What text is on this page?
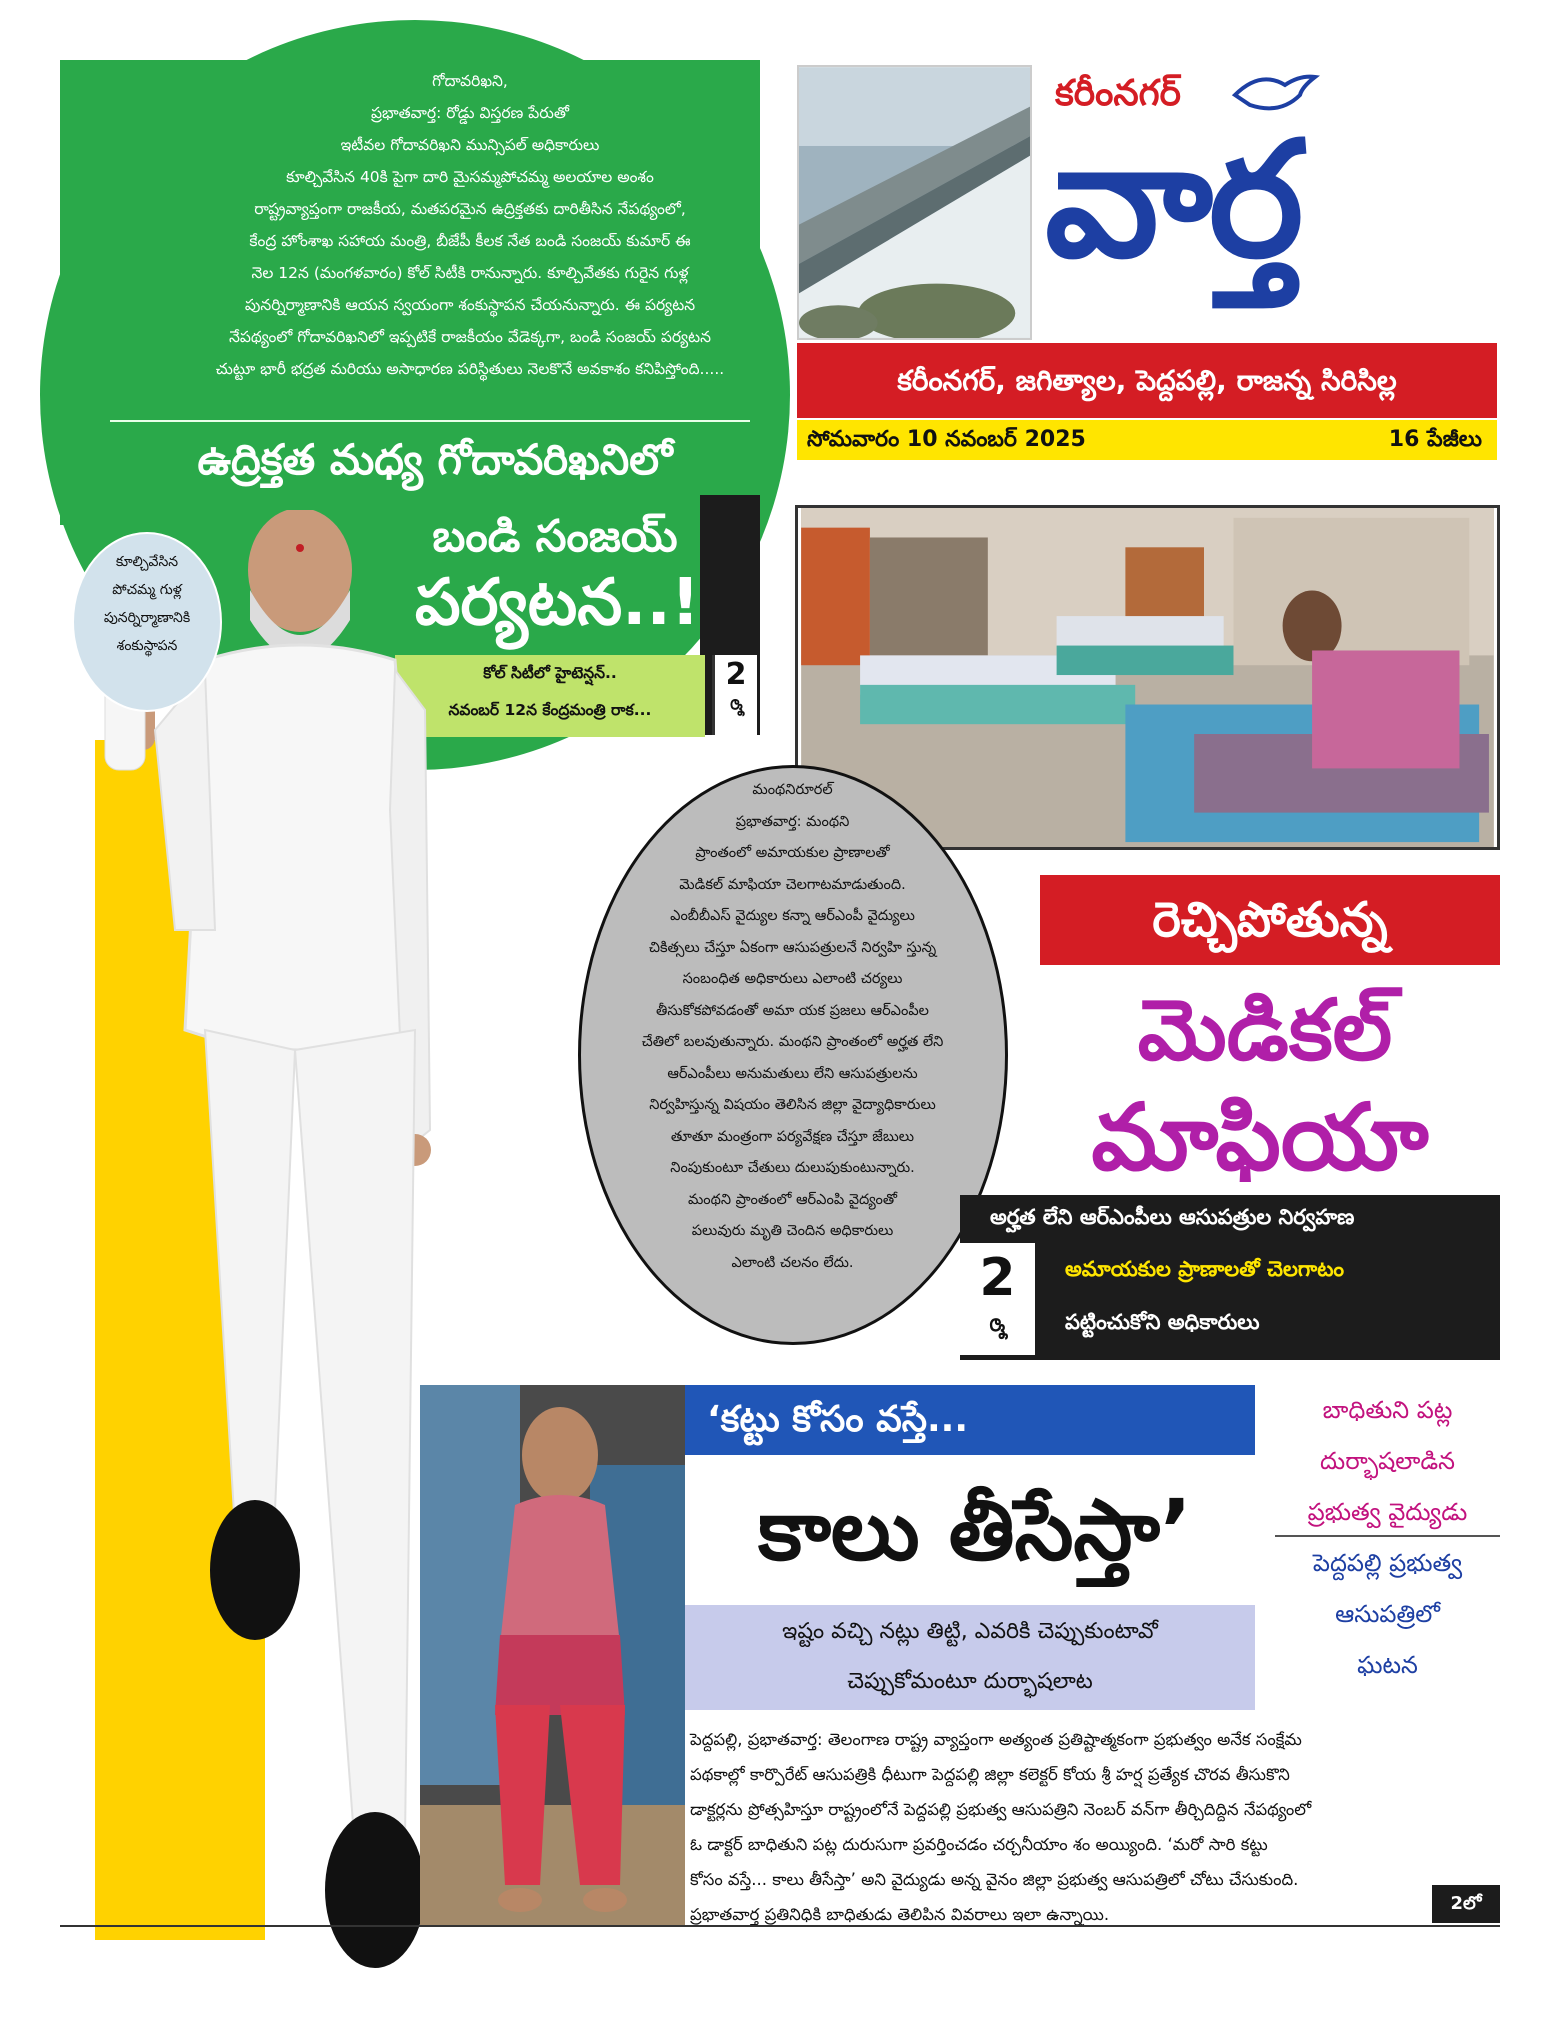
గోదావరిఖని,
ప్రభాతవార్త: రోడ్డు విస్తరణ పేరుతో
ఇటీవల గోదావరిఖని మున్సిపల్ అధికారులు
కూల్చివేసిన 40కి పైగా దారి మైసమ్మపోచమ్మ అలయాల అంశం
రాష్ట్రవ్యాప్తంగా రాజకీయ, మతపరమైన ఉద్రిక్తతకు దారితీసిన నేపథ్యంలో,
కేంద్ర హోంశాఖ సహాయ మంత్రి, బీజేపీ కీలక నేత బండి సంజయ్ కుమార్ ఈ
నెల 12న (మంగళవారం) కోల్ సిటీకి రానున్నారు. కూల్చివేతకు గురైన గుళ్ల
పునర్నిర్మాణానికి ఆయన స్వయంగా శంకుస్థాపన చేయనున్నారు. ఈ పర్యటన
నేపథ్యంలో గోదావరిఖనిలో ఇప్పటికే రాజకీయం వేడెక్కగా, బండి సంజయ్ పర్యటన
చుట్టూ భారీ భద్రత మరియు అసాధారణ పరిస్థితులు నెలకొనే అవకాశం కనిపిస్తోంది.....
ఉద్రిక్తత మధ్య గోదావరిఖనిలో
బండి సంజయ్
పర్యటన..!
కోల్ సిటీలో హైటెన్షన్..
నవంబర్ 12న కేంద్రమంత్రి రాక...
2
లో
కూల్చివేసిన
పోచమ్మ గుళ్ల
పునర్నిర్మాణానికి
శంకుస్థాపన
కరీంనగర్
వార్త
కరీంనగర్, జగిత్యాల, పెద్దపల్లి, రాజన్న సిరిసిల్ల
సోమవారం 10 నవంబర్ 2025	16 పేజీలు
మంథనిరూరల్
ప్రభాతవార్త: మంథని
ప్రాంతంలో అమాయకుల ప్రాణాలతో
మెడికల్ మాఫియా చెలగాటమాడుతుంది.
ఎంబీబీఎస్ వైద్యుల కన్నా ఆర్ఎంపీ వైద్యులు
చికిత్సలు చేస్తూ ఏకంగా ఆసుపత్రులనే నిర్వహి స్తున్న
సంబంధిత అధికారులు ఎలాంటి చర్యలు
తీసుకోకపోవడంతో అమా యక ప్రజలు ఆర్ఎంపీల
చేతిలో బలవుతున్నారు. మంథని ప్రాంతంలో అర్హత లేని
ఆర్ఎంపీలు అనుమతులు లేని ఆసుపత్రులను
నిర్వహిస్తున్న విషయం తెలిసిన జిల్లా వైద్యాధికారులు
తూతూ మంత్రంగా పర్యవేక్షణ చేస్తూ జేబులు
నింపుకుంటూ చేతులు దులుపుకుంటున్నారు.
మంథని ప్రాంతంలో ఆర్ఎంపి వైద్యంతో
పలువురు మృతి చెందిన అధికారులు
ఎలాంటి చలనం లేదు.
రెచ్చిపోతున్న
మెడికల్
మాఫియా
అర్హత లేని ఆర్ఎంపీలు ఆసుపత్రుల నిర్వహణ
అమాయకుల ప్రాణాలతో చెలగాటం
పట్టించుకోని అధికారులు
2
లో
‘కట్టు కోసం వస్తే...
కాలు తీసేస్తా’
ఇష్టం వచ్చి నట్లు తిట్టి, ఎవరికి చెప్పుకుంటావో
చెప్పుకోమంటూ దుర్భాషలాట
బాధితుని పట్ల
దుర్భాషలాడిన
ప్రభుత్వ వైద్యుడు
పెద్దపల్లి ప్రభుత్వ
ఆసుపత్రిలో
ఘటన
పెద్దపల్లి, ప్రభాతవార్త: తెలంగాణ రాష్ట్ర వ్యాప్తంగా అత్యంత ప్రతిష్టాత్మకంగా ప్రభుత్వం అనేక సంక్షేమ
పథకాల్లో కార్పొరేట్ ఆసుపత్రికి ధీటుగా పెద్దపల్లి జిల్లా కలెక్టర్ కోయ శ్రీ హర్ష ప్రత్యేక చొరవ తీసుకొని
డాక్టర్లను ప్రోత్సహిస్తూ రాష్ట్రంలోనే పెద్దపల్లి ప్రభుత్వ ఆసుపత్రిని నెంబర్ వన్‌గా తీర్చిదిద్దిన నేపథ్యంలో
ఓ డాక్టర్ బాధితుని పట్ల దురుసుగా ప్రవర్తించడం చర్చనీయాం శం అయ్యింది. ‘మరో సారి కట్టు
కోసం వస్తే... కాలు తీసేస్తా’ అని వైద్యుడు అన్న వైనం జిల్లా ప్రభుత్వ ఆసుపత్రిలో చోటు చేసుకుంది.
ప్రభాతవార్త ప్రతినిధికి బాధితుడు తెలిపిన వివరాలు ఇలా ఉన్నాయి.
2లో
